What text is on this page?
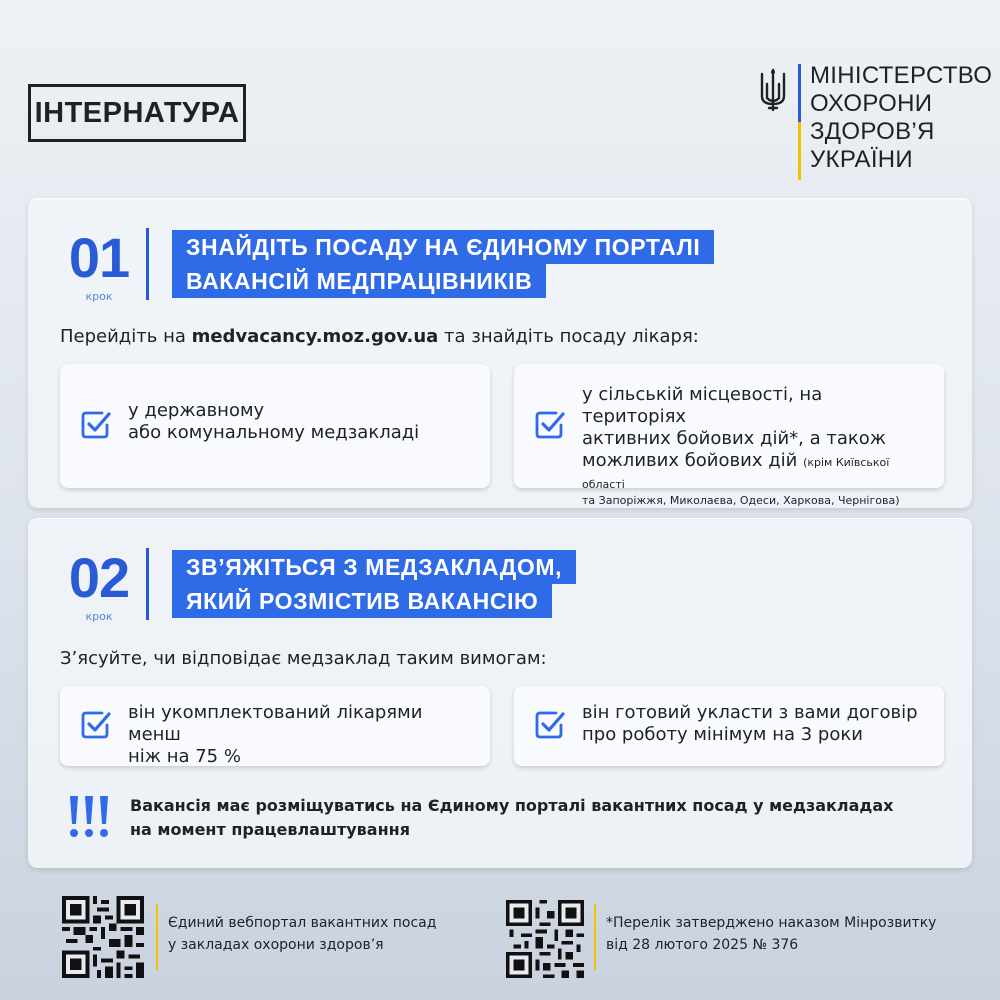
ІНТЕРНАТУРА
МІНІСТЕРСТВО
ОХОРОНИ
ЗДОРОВ’Я
УКРАЇНИ
01
крок
ЗНАЙДІТЬ ПОСАДУ НА ЄДИНОМУ ПОРТАЛІ
ВАКАНСІЙ МЕДПРАЦІВНИКІВ

Перейдіть на medvacancy.moz.gov.ua та знайдіть посаду лікаря:

у державному
або комунальному медзакладі
у сільській місцевості, на територіях
активних бойових дій*, а також
можливих бойових дій (крім Київської області
та Запоріжжя, Миколаєва, Одеси, Харкова, Чернігова)
02
крок
ЗВ’ЯЖІТЬСЯ З МЕДЗАКЛАДОМ,
ЯКИЙ РОЗМІСТИВ ВАКАНСІЮ

З’ясуйте, чи відповідає медзаклад таким вимогам:

він укомплектований лікарями менш
ніж на 75 %
він готовий укласти з вами договір
про роботу мінімум на 3 роки
Вакансія має розміщуватись на Єдиному порталі вакантних посад у медзакладах
на момент працевлаштування
Єдиний вебпортал вакантних посад
у закладах охорони здоров’я
*Перелік затверджено наказом Мінрозвитку
від 28 лютого 2025 № 376
